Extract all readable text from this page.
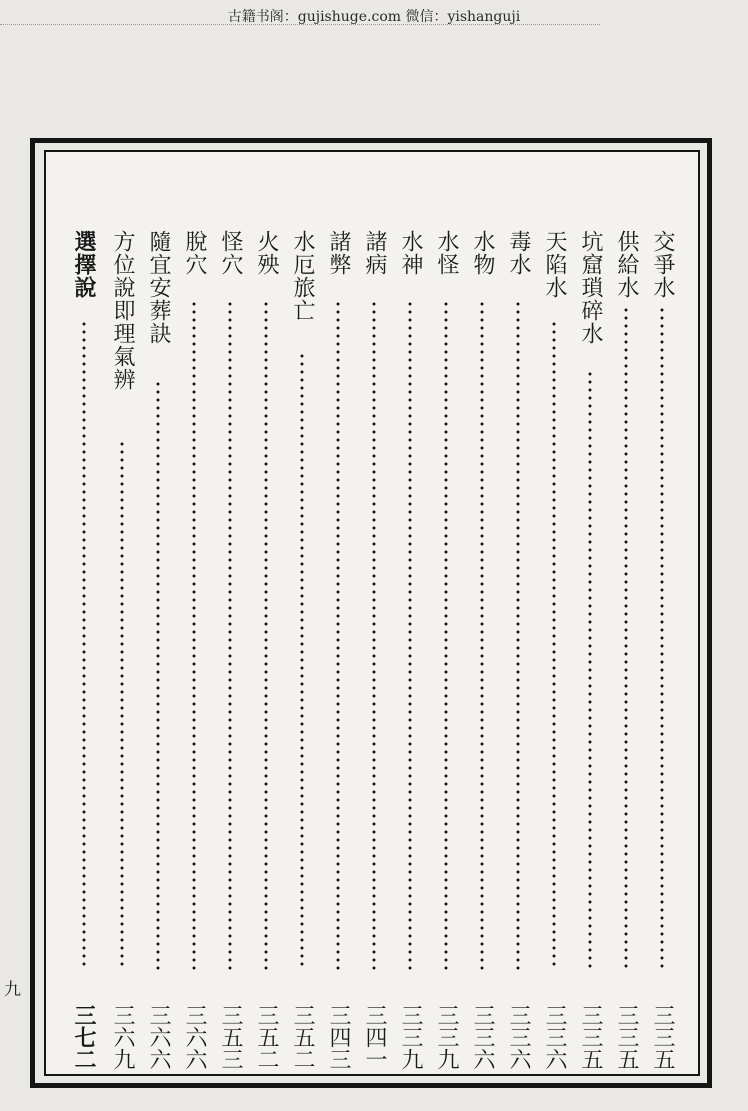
古籍书阁：gujishuge.com 微信：yishanguji
九
交爭水
三三五
供給水
三三五
坑窟瑣碎水
三三五
天陷水
三三六
毒水
三三六
水物
三三六
水怪
三三九
水神
三三九
諸病
三四一
諸弊
三四三
水厄旅亡
三五二
火殃
三五二
怪穴
三五三
脫穴
三六六
隨宜安葬訣
三六六
方位說即理氣辨
三六九
選擇說
三七二
